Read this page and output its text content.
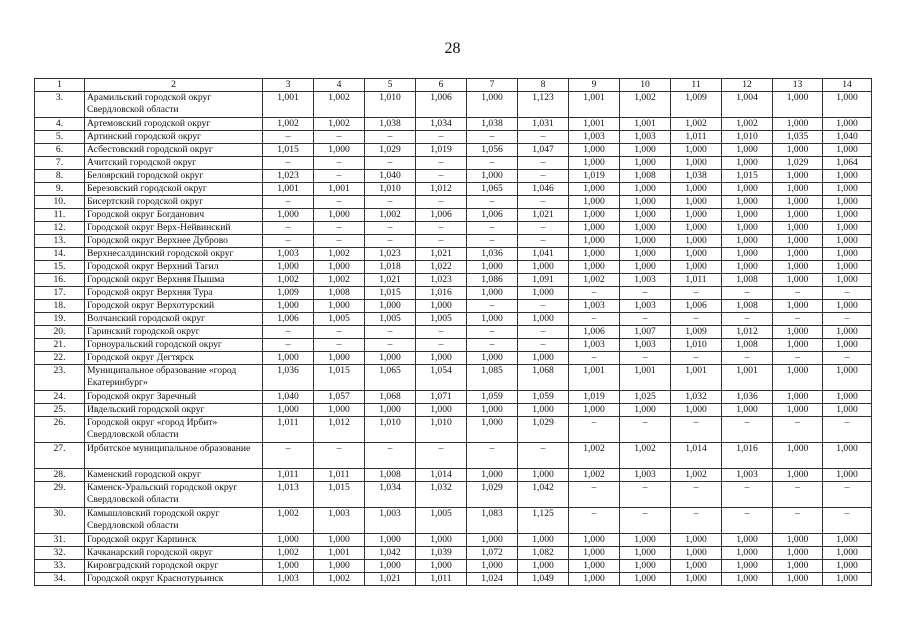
28
1	2	3	4	5	6	7	8	9	10	11	12	13	14
3.	Арамильский городской округ Свердловской области	1,001	1,002	1,010	1,006	1,000	1,123	1,001	1,002	1,009	1,004	1,000	1,000
4.	Артемовский городской округ	1,002	1,002	1,038	1,034	1,038	1,031	1,001	1,001	1,002	1,002	1,000	1,000
5.	Артинский городской округ	–	–	–	–	–	–	1,003	1,003	1,011	1,010	1,035	1,040
6.	Асбестовский городской округ	1,015	1,000	1,029	1,019	1,056	1,047	1,000	1,000	1,000	1,000	1,000	1,000
7.	Ачитский городской округ	–	–	–	–	–	–	1,000	1,000	1,000	1,000	1,029	1,064
8.	Белоярский городской округ	1,023	–	1,040	–	1,000	–	1,019	1,008	1,038	1,015	1,000	1,000
9.	Березовский городской округ	1,001	1,001	1,010	1,012	1,065	1,046	1,000	1,000	1,000	1,000	1,000	1,000
10.	Бисертский городской округ	–	–	–	–	–	–	1,000	1,000	1,000	1,000	1,000	1,000
11.	Городской округ Богданович	1,000	1,000	1,002	1,006	1,006	1,021	1,000	1,000	1,000	1,000	1,000	1,000
12.	Городской округ Верх-Нейвинский	–	–	–	–	–	–	1,000	1,000	1,000	1,000	1,000	1,000
13.	Городской округ Верхнее Дуброво	–	–	–	–	–	–	1,000	1,000	1,000	1,000	1,000	1,000
14.	Верхнесалдинский городской округ	1,003	1,002	1,023	1,021	1,036	1,041	1,000	1,000	1,000	1,000	1,000	1,000
15.	Городской округ Верхний Тагил	1,000	1,000	1,018	1,022	1,000	1,000	1,000	1,000	1,000	1,000	1,000	1,000
16.	Городской округ Верхняя Пышма	1,002	1,002	1,021	1,023	1,086	1,091	1,002	1,003	1,011	1,008	1,000	1,000
17.	Городской округ Верхняя Тура	1,009	1,008	1,015	1,016	1,000	1,000	–	–	–	–	–	–
18.	Городской округ Верхотурский	1,000	1,000	1,000	1,000	–	–	1,003	1,003	1,006	1,008	1,000	1,000
19.	Волчанский городской округ	1,006	1,005	1,005	1,005	1,000	1,000	–	–	–	–	–	–
20.	Гаринский городской округ	–	–	–	–	–	–	1,006	1,007	1,009	1,012	1,000	1,000
21.	Горноуральский городской округ	–	–	–	–	–	–	1,003	1,003	1,010	1,008	1,000	1,000
22.	Городской округ Дегтярск	1,000	1,000	1,000	1,000	1,000	1,000	–	–	–	–	–	–
23.	Муниципальное образование «город Екатеринбург»	1,036	1,015	1,065	1,054	1,085	1,068	1,001	1,001	1,001	1,001	1,000	1,000
24.	Городской округ Заречный	1,040	1,057	1,068	1,071	1,059	1,059	1,019	1,025	1,032	1,036	1,000	1,000
25.	Ивдельский городской округ	1,000	1,000	1,000	1,000	1,000	1,000	1,000	1,000	1,000	1,000	1,000	1,000
26.	Городской округ «город Ирбит» Свердловской области	1,011	1,012	1,010	1,010	1,000	1,029	–	–	–	–	–	–
27.	Ирбитское муниципальное образование	–	–	–	–	–	–	1,002	1,002	1,014	1,016	1,000	1,000
28.	Каменский городской округ	1,011	1,011	1,008	1,014	1,000	1,000	1,002	1,003	1,002	1,003	1,000	1,000
29.	Каменск-Уральский городской округ Свердловской области	1,013	1,015	1,034	1,032	1,029	1,042	–	–	–	–	–	–
30.	Камышловский городской округ Свердловской области	1,002	1,003	1,003	1,005	1,083	1,125	–	–	–	–	–	–
31.	Городской округ Карпинск	1,000	1,000	1,000	1,000	1,000	1,000	1,000	1,000	1,000	1,000	1,000	1,000
32.	Качканарский городской округ	1,002	1,001	1,042	1,039	1,072	1,082	1,000	1,000	1,000	1,000	1,000	1,000
33.	Кировградский городской округ	1,000	1,000	1,000	1,000	1,000	1,000	1,000	1,000	1,000	1,000	1,000	1,000
34.	Городской округ Краснотурьинск	1,003	1,002	1,021	1,011	1,024	1,049	1,000	1,000	1,000	1,000	1,000	1,000
